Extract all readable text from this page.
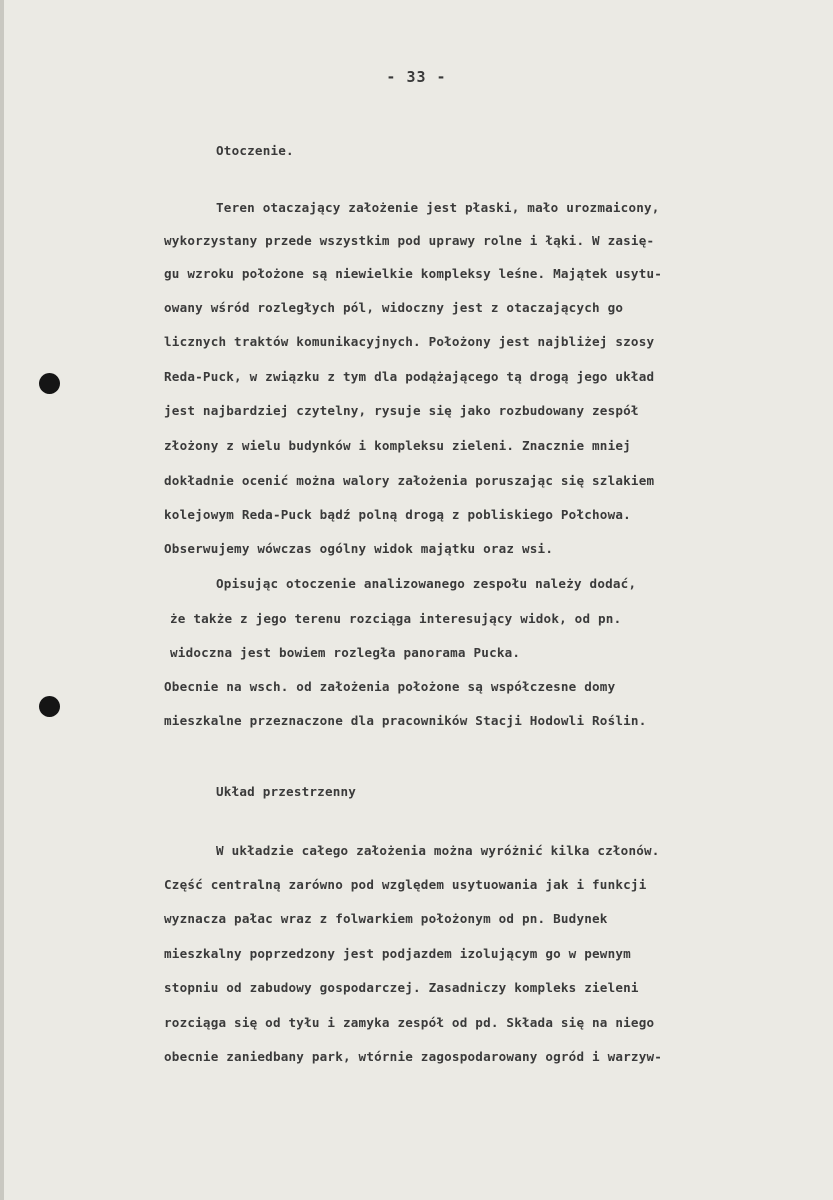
- 33 -
Otoczenie.
Teren otaczający założenie jest płaski, mało urozmaicony,
wykorzystany przede wszystkim pod uprawy rolne i łąki. W zasię-
gu wzroku położone są niewielkie kompleksy leśne. Majątek usytu-
owany wśród rozległych pól, widoczny jest z otaczających go
licznych traktów komunikacyjnych. Położony jest najbliżej szosy
Reda-Puck, w związku z tym dla podążającego tą drogą jego układ
jest najbardziej czytelny, rysuje się jako rozbudowany zespół
złożony z wielu budynków i kompleksu zieleni. Znacznie mniej
dokładnie ocenić można walory założenia poruszając się szlakiem
kolejowym Reda-Puck bądź polną drogą z pobliskiego Połchowa.
Obserwujemy wówczas ogólny widok majątku oraz wsi.
Opisując otoczenie analizowanego zespołu należy dodać,
że także z jego terenu rozciąga interesujący widok, od pn.
widoczna jest bowiem rozległa panorama Pucka.
Obecnie na wsch. od założenia położone są współczesne domy
mieszkalne przeznaczone dla pracowników Stacji Hodowli Roślin.
Układ przestrzenny
W układzie całego założenia można wyróżnić kilka członów.
Część centralną zarówno pod względem usytuowania jak i funkcji
wyznacza pałac wraz z folwarkiem położonym od pn. Budynek
mieszkalny poprzedzony jest podjazdem izolującym go w pewnym
stopniu od zabudowy gospodarczej. Zasadniczy kompleks zieleni
rozciąga się od tyłu i zamyka zespół od pd. Składa się na niego
obecnie zaniedbany park, wtórnie zagospodarowany ogród i warzyw-
